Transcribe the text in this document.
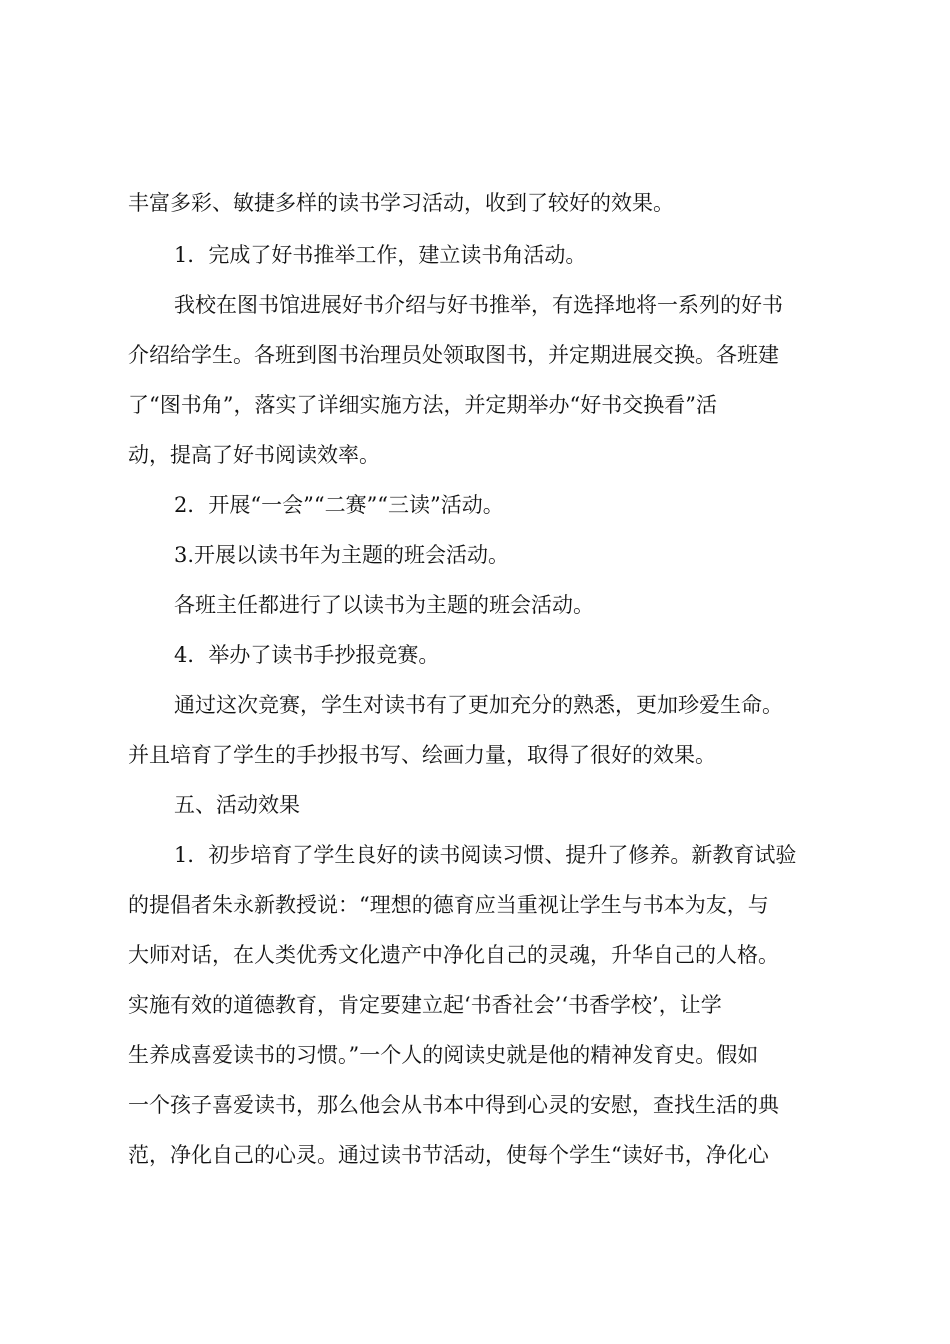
丰富多彩、敏捷多样的读书学习活动，收到了较好的效果。
1．完成了好书推举工作，建立读书角活动。
我校在图书馆进展好书介绍与好书推举，有选择地将一系列的好书
介绍给学生。各班到图书治理员处领取图书，并定期进展交换。各班建
了“图书角”，落实了详细实施方法，并定期举办“好书交换看”活
动，提高了好书阅读效率。
2．开展“一会”“二赛”“三读”活动。
3.开展以读书年为主题的班会活动。
各班主任都进行了以读书为主题的班会活动。
4．举办了读书手抄报竞赛。
通过这次竞赛，学生对读书有了更加充分的熟悉，更加珍爱生命。
并且培育了学生的手抄报书写、绘画力量，取得了很好的效果。
五、活动效果
1．初步培育了学生良好的读书阅读习惯、提升了修养。新教育试验
的提倡者朱永新教授说：“理想的德育应当重视让学生与书本为友，与
大师对话，在人类优秀文化遗产中净化自己的灵魂，升华自己的人格。
实施有效的道德教育，肯定要建立起‘书香社会’‘书香学校’，让学
生养成喜爱读书的习惯。”一个人的阅读史就是他的精神发育史。假如
一个孩子喜爱读书，那么他会从书本中得到心灵的安慰，查找生活的典
范，净化自己的心灵。通过读书节活动，使每个学生“读好书，净化心
